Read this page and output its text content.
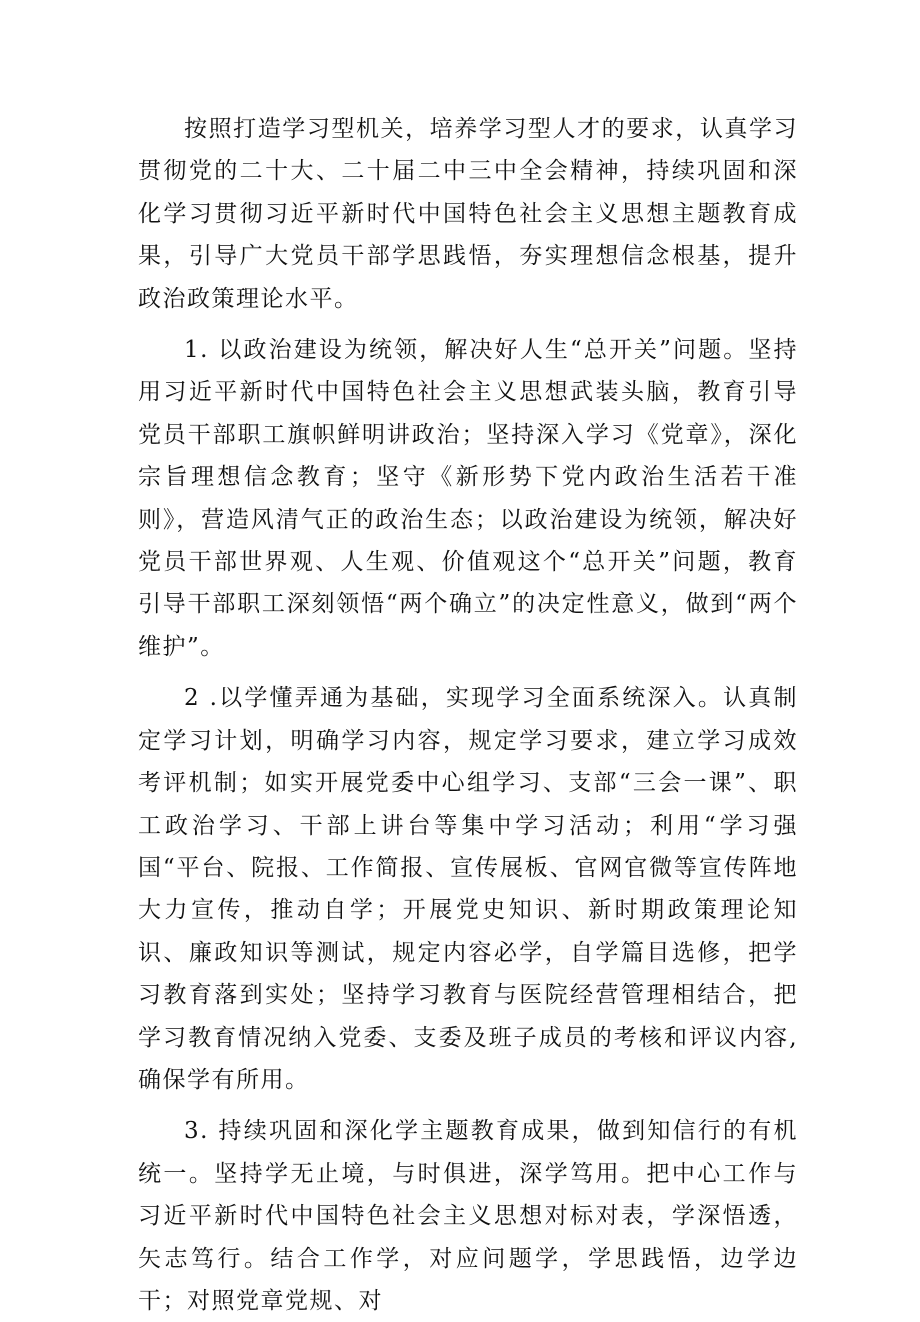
按照打造学习型机关，培养学习型人才的要求，认真学习贯彻党的二十大、二十届二中三中全会精神，持续巩固和深化学习贯彻习近平新时代中国特色社会主义思想主题教育成果，引导广大党员干部学思践悟，夯实理想信念根基，提升政治政策理论水平。

1. 以政治建设为统领，解决好人生“总开关”问题。坚持用习近平新时代中国特色社会主义思想武装头脑，教育引导党员干部职工旗帜鲜明讲政治；坚持深入学习《党章》，深化宗旨理想信念教育；坚守《新形势下党内政治生活若干准则》，营造风清气正的政治生态；以政治建设为统领，解决好党员干部世界观、人生观、价值观这个“总开关”问题，教育引导干部职工深刻领悟“两个确立”的决定性意义，做到“两个维护”。

2 .以学懂弄通为基础，实现学习全面系统深入。认真制定学习计划，明确学习内容，规定学习要求，建立学习成效考评机制；如实开展党委中心组学习、支部“三会一课”、职工政治学习、干部上讲台等集中学习活动；利用“学习强国“平台、院报、工作简报、宣传展板、官网官微等宣传阵地大力宣传，推动自学；开展党史知识、新时期政策理论知识、廉政知识等测试，规定内容必学，自学篇目选修，把学习教育落到实处；坚持学习教育与医院经营管理相结合，把学习教育情况纳入党委、支委及班子成员的考核和评议内容,确保学有所用。

3. 持续巩固和深化学主题教育成果，做到知信行的有机统一。坚持学无止境，与时俱进，深学笃用。把中心工作与习近平新时代中国特色社会主义思想对标对表，学深悟透，矢志笃行。结合工作学，对应问题学，学思践悟，边学边干；对照党章党规、对
